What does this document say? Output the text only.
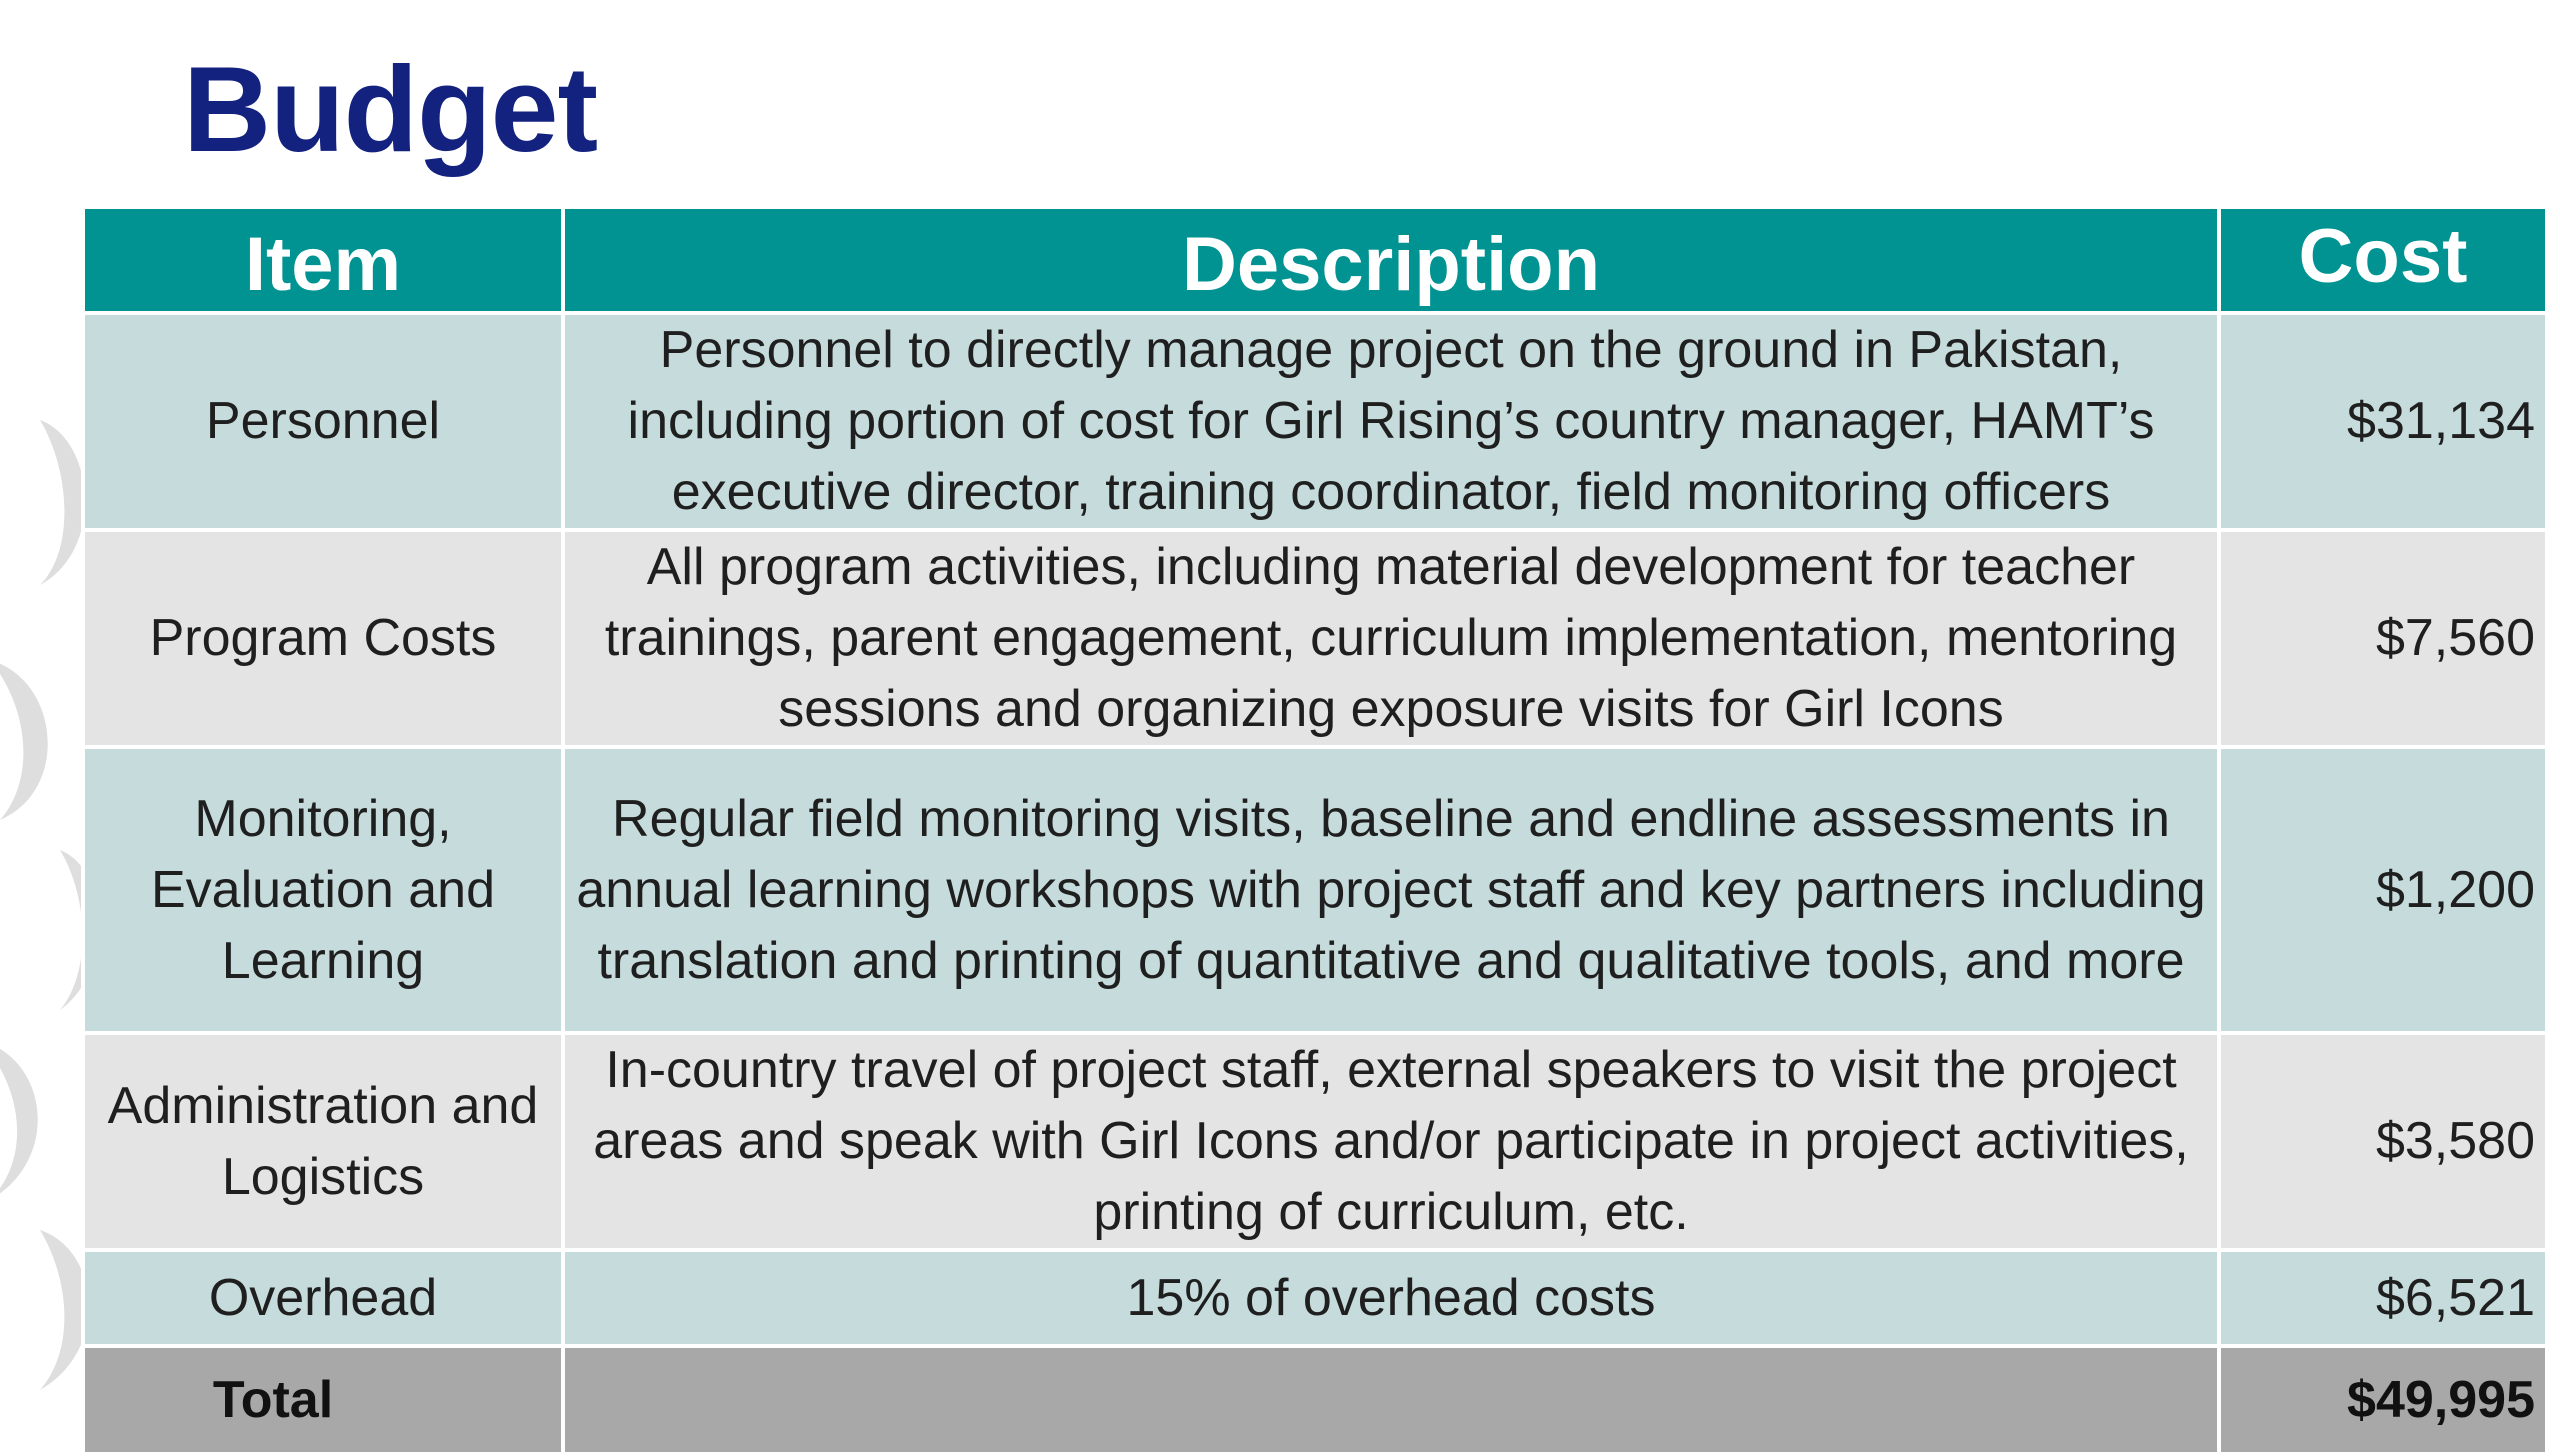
Budget
Item	Description	Cost
Personnel	Personnel to directly manage project on the ground in Pakistan, including portion of cost for Girl Rising’s country manager, HAMT’s executive director, training coordinator, field monitoring officers	$31,134
Program Costs	All program activities, including material development for teacher trainings, parent engagement, curriculum implementation, mentoring sessions and organizing exposure visits for Girl Icons	$7,560
Monitoring, Evaluation and Learning	Regular field monitoring visits, baseline and endline assessments in annual learning workshops with project staff and key partners including translation and printing of quantitative and qualitative tools, and more	$1,200
Administration and Logistics	In-country travel of project staff, external speakers to visit the project areas and speak with Girl Icons and/or participate in project activities, printing of curriculum, etc.	$3,580
Overhead	15% of overhead costs	$6,521
Total		$49,995
